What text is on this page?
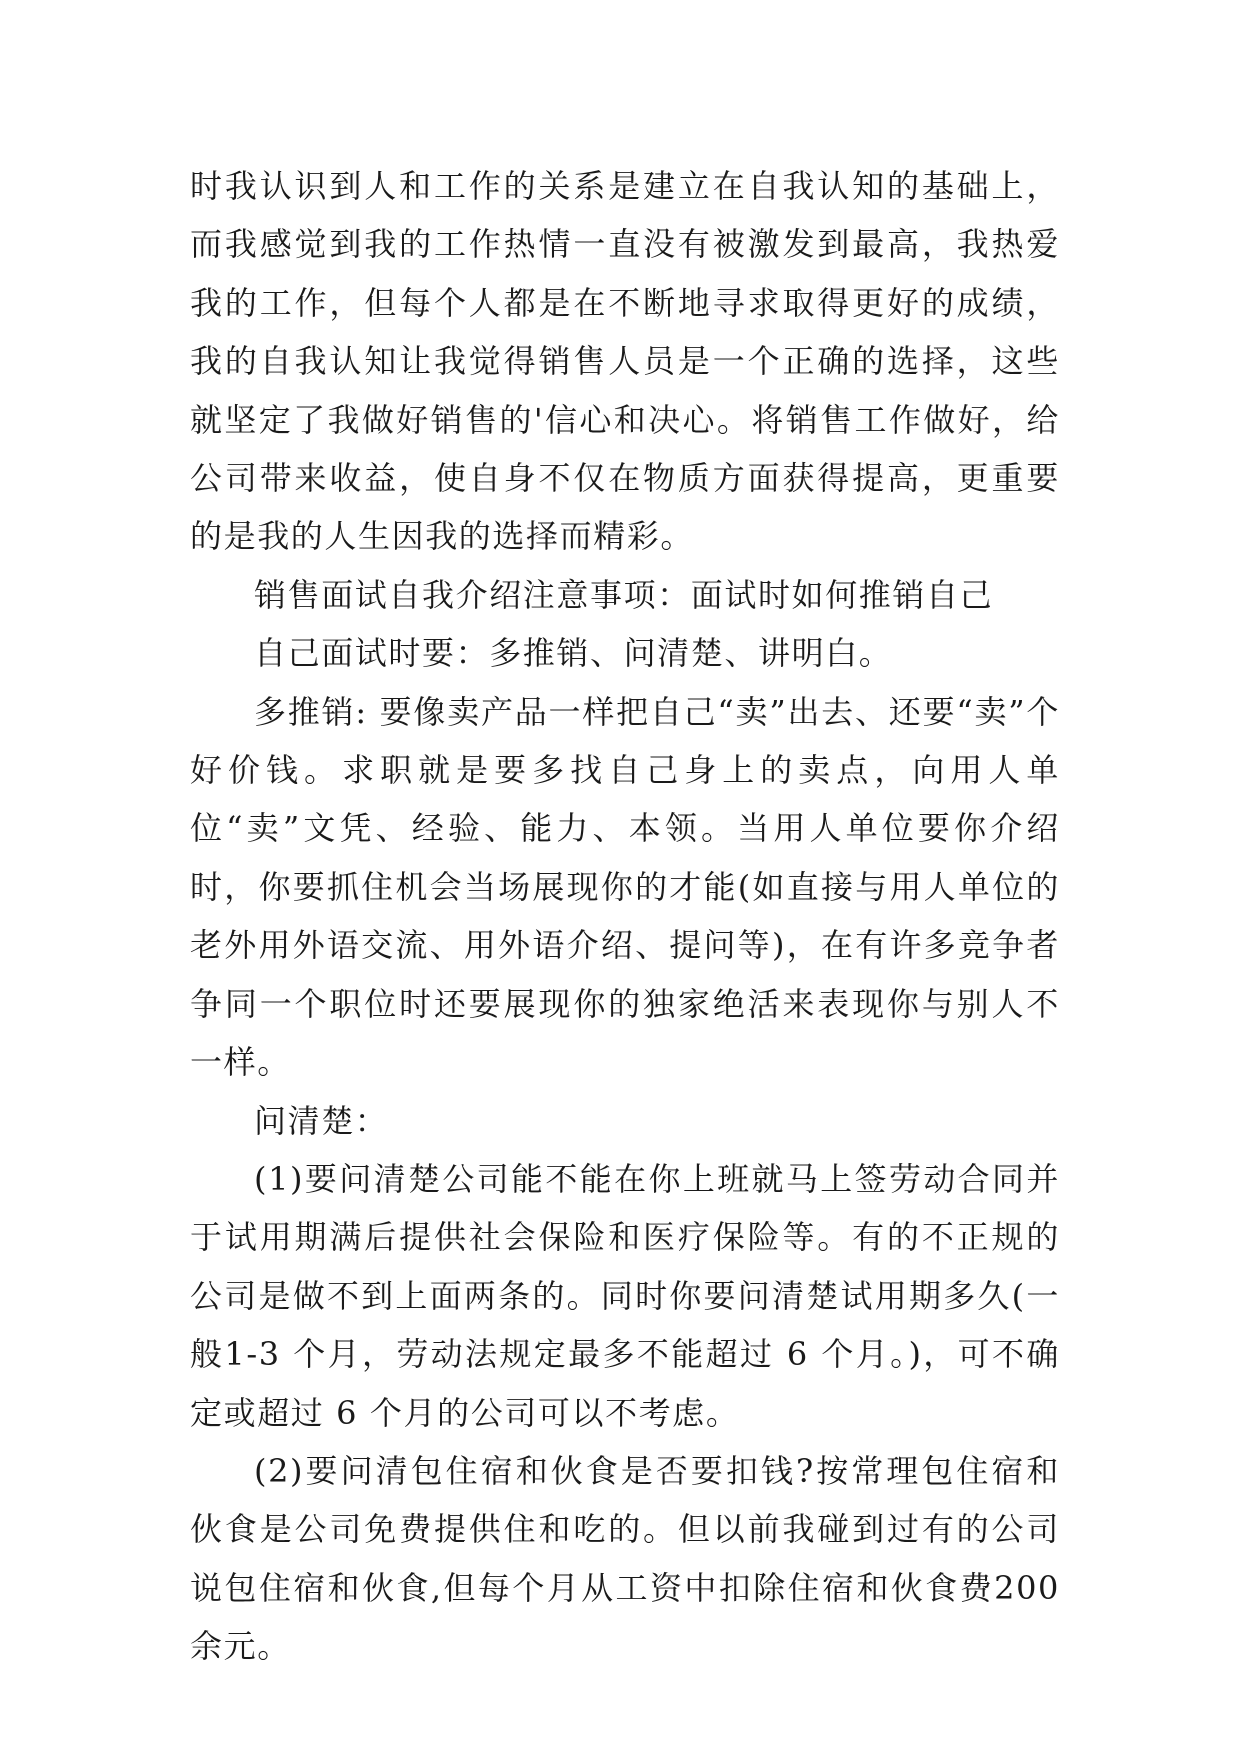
时我认识到人和工作的关系是建立在自我认知的基础上，而我感觉到我的工作热情一直没有被激发到最高，我热爱我的工作，但每个人都是在不断地寻求取得更好的成绩，我的自我认知让我觉得销售人员是一个正确的选择，这些就坚定了我做好销售的'信心和决心。将销售工作做好，给公司带来收益，使自身不仅在物质方面获得提高，更重要的是我的人生因我的选择而精彩。

销售面试自我介绍注意事项：面试时如何推销自己

自己面试时要：多推销、问清楚、讲明白。

多推销: 要像卖产品一样把自己“卖”出去、还要“卖”个好价钱。求职就是要多找自己身上的卖点，向用人单位“卖”文凭、经验、能力、本领。当用人单位要你介绍时，你要抓住机会当场展现你的才能(如直接与用人单位的老外用外语交流、用外语介绍、提问等)，在有许多竞争者争同一个职位时还要展现你的独家绝活来表现你与别人不一样。

问清楚：

(1)要问清楚公司能不能在你上班就马上签劳动合同并于试用期满后提供社会保险和医疗保险等。有的不正规的公司是做不到上面两条的。同时你要问清楚试用期多久(一般1-3 个月，劳动法规定最多不能超过 6 个月。)，可不确定或超过 6 个月的公司可以不考虑。

(2)要问清包住宿和伙食是否要扣钱?按常理包住宿和伙食是公司免费提供住和吃的。但以前我碰到过有的公司说包住宿和伙食,但每个月从工资中扣除住宿和伙食费200余元。
